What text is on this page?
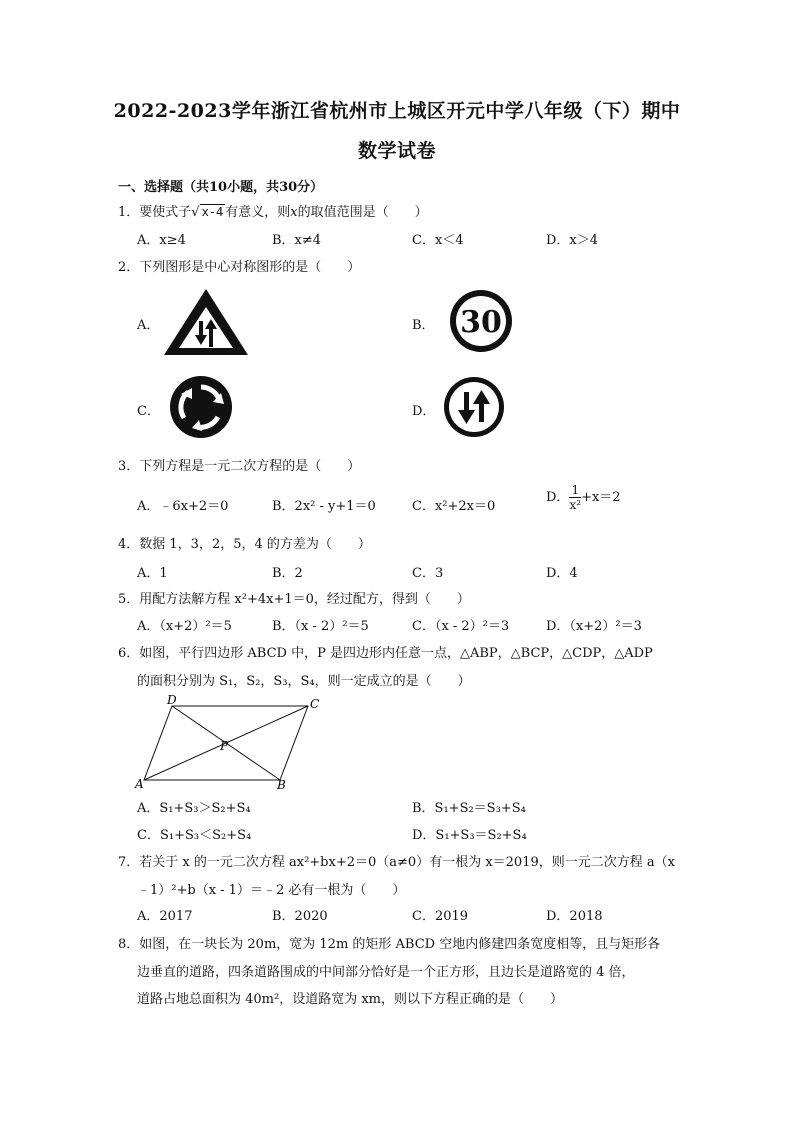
2022-2023学年浙江省杭州市上城区开元中学八年级（下）期中
数学试卷
一、选择题（共10小题，共30分）
1．要使式子√ x-4 有意义，则x的取值范围是（　　）
A．x≥4	B．x≠4	C．x＜4	D．x＞4
2．下列图形是中心对称图形的是（　　）
A．	B．
C．	D．
30
3．下列方程是一元二次方程的是（　　）
A．﹣6x+2＝0	B．2x² - y+1＝0	C．x²+2x＝0
D． $\frac{1}{\text{x²}} +x=2$
4．数据 1，3，2，5，4 的方差为（　　）
A．1	B．2	C．3	D．4
5．用配方法解方程 x²+4x+1＝0，经过配方，得到（　　）
A．（x+2）²＝5	B．（x - 2）²＝5	C．（x - 2）²＝3	D．（x+2）²＝3
6．如图，平行四边形 ABCD 中，P 是四边形内任意一点，△ABP，△BCP，△CDP，△ADP
的面积分别为 S₁，S₂，S₃，S₄，则一定成立的是（　　）
A	B
C
D
P
A．S₁+S₃＞S₂+S₄	B．S₁+S₂＝S₃+S₄
C．S₁+S₃＜S₂+S₄	D．S₁+S₃＝S₂+S₄
7．若关于 x 的一元二次方程 ax²+bx+2＝0（a≠0）有一根为 x＝2019，则一元二次方程 a（x
﹣1）²+b（x - 1）＝﹣2 必有一根为（　　）
A．2017	B．2020	C．2019	D．2018
8．如图，在一块长为 20m，宽为 12m 的矩形 ABCD 空地内修建四条宽度相等，且与矩形各
边垂直的道路，四条道路围成的中间部分恰好是一个正方形，且边长是道路宽的 4 倍，
道路占地总面积为 40m²，设道路宽为 xm，则以下方程正确的是（　　）
